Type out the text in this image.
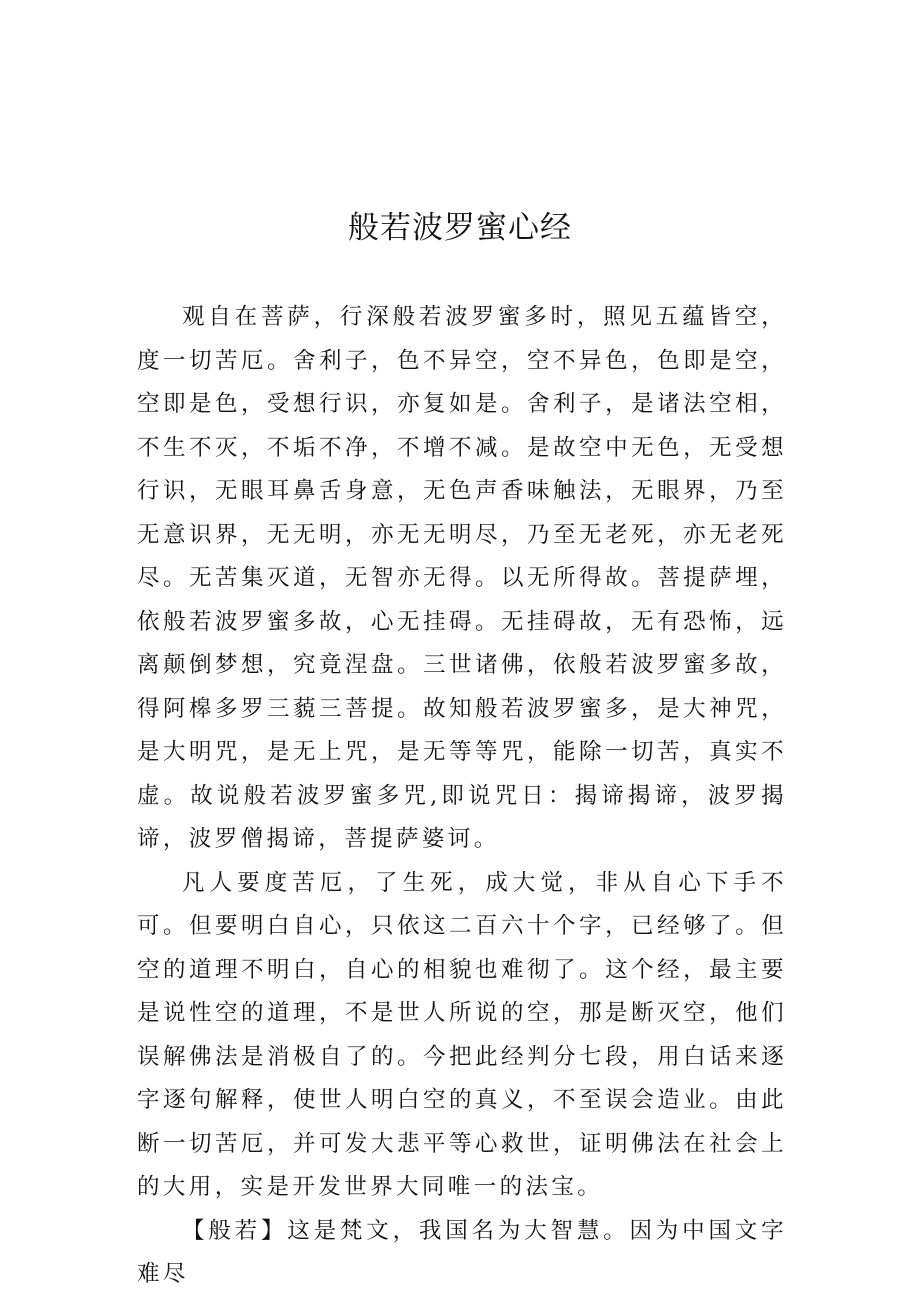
般若波罗蜜心经

观自在菩萨，行深般若波罗蜜多时，照见五蕴皆空，度一切苦厄。舍利子，色不异空，空不异色，色即是空，空即是色，受想行识，亦复如是。舍利子，是诸法空相，不生不灭，不垢不净，不增不减。是故空中无色，无受想行识，无眼耳鼻舌身意，无色声香味触法，无眼界，乃至无意识界，无无明，亦无无明尽，乃至无老死，亦无老死尽。无苦集灭道，无智亦无得。以无所得故。菩提萨埋，依般若波罗蜜多故，心无挂碍。无挂碍故，无有恐怖，远离颠倒梦想，究竟涅盘。三世诸佛，依般若波罗蜜多故，得阿槔多罗三藐三菩提。故知般若波罗蜜多，是大神咒，是大明咒，是无上咒，是无等等咒，能除一切苦，真实不虚。故说般若波罗蜜多咒,即说咒日：揭谛揭谛，波罗揭谛，波罗僧揭谛，菩提萨婆诃。

凡人要度苦厄，了生死，成大觉，非从自心下手不可。但要明白自心，只依这二百六十个字，已经够了。但空的道理不明白，自心的相貌也难彻了。这个经，最主要是说性空的道理，不是世人所说的空，那是断灭空，他们误解佛法是消极自了的。今把此经判分七段，用白话来逐字逐句解释，使世人明白空的真义，不至误会造业。由此断一切苦厄，并可发大悲平等心救世，证明佛法在社会上的大用，实是开发世界大同唯一的法宝。

【般若】这是梵文，我国名为大智慧。因为中国文字难尽
